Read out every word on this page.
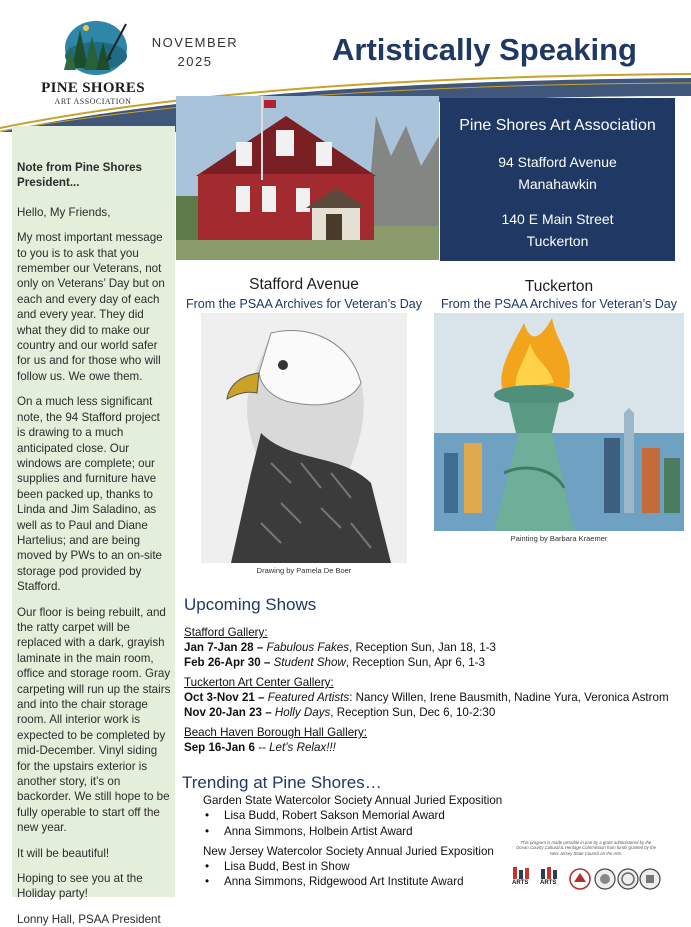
PINE SHORES
ART ASSOCIATION
NOVEMBER
2025	Artistically Speaking
Note from Pine Shores President...

Hello, My Friends,

My most important message to you is to ask that you remember our Veterans, not only on Veterans’ Day but on each and every day of each and every year. They did what they did to make our country and our world safer for us and for those who will follow us. We owe them.

On a much less significant note, the 94 Stafford project is drawing to a much anticipated close. Our windows are complete; our supplies and furniture have been packed up, thanks to Linda and Jim Saladino, as well as to Paul and Diane Hartelius; and are being moved by PWs to an on-site storage pod provided by Stafford.

Our floor is being rebuilt, and the ratty carpet will be replaced with a dark, grayish laminate in the main room, office and storage room. Gray carpeting will run up the stairs and into the chair storage room. All interior work is expected to be completed by mid-December. Vinyl siding for the upstairs exterior is another story, it’s on backorder. We still hope to be fully operable to start off the new year.

It will be beautiful!

Hoping to see you at the Holiday party!

Lonny Hall, PSAA President

Pine Shores Art Association
94 Stafford Avenue
Manahawkin
140 E Main Street
Tuckerton
Stafford Avenue
From the PSAA Archives for Veteran’s Day
Drawing by Pamela De Boer
Tuckerton
From the PSAA Archives for Veteran’s Day
Painting by Barbara Kraemer
Upcoming Shows
Stafford Gallery:
Jan 7-Jan 28 – Fabulous Fakes, Reception Sun, Jan 18, 1-3
Feb 26-Apr 30 – Student Show, Reception Sun, Apr 6, 1-3
Tuckerton Art Center Gallery:
Oct 3-Nov 21 – Featured Artists: Nancy Willen, Irene Bausmith, Nadine Yura, Veronica Astrom
Nov 20-Jan 23 – Holly Days, Reception Sun, Dec 6, 10-2:30
Beach Haven Borough Hall Gallery:
Sep 16-Jan 6 -- Let’s Relax!!!
Trending at Pine Shores…
Garden State Watercolor Society Annual Juried Exposition
• Lisa Budd, Robert Sakson Memorial Award
• Anna Simmons, Holbein Artist Award
New Jersey Watercolor Society Annual Juried Exposition
• Lisa Budd, Best in Show
• Anna Simmons, Ridgewood Art Institute Award
This program is made possible in part by a grant administered by the Ocean County Cultural & Heritage Commission from funds granted by the New Jersey State Council on the Arts.
ARTS ARTS
